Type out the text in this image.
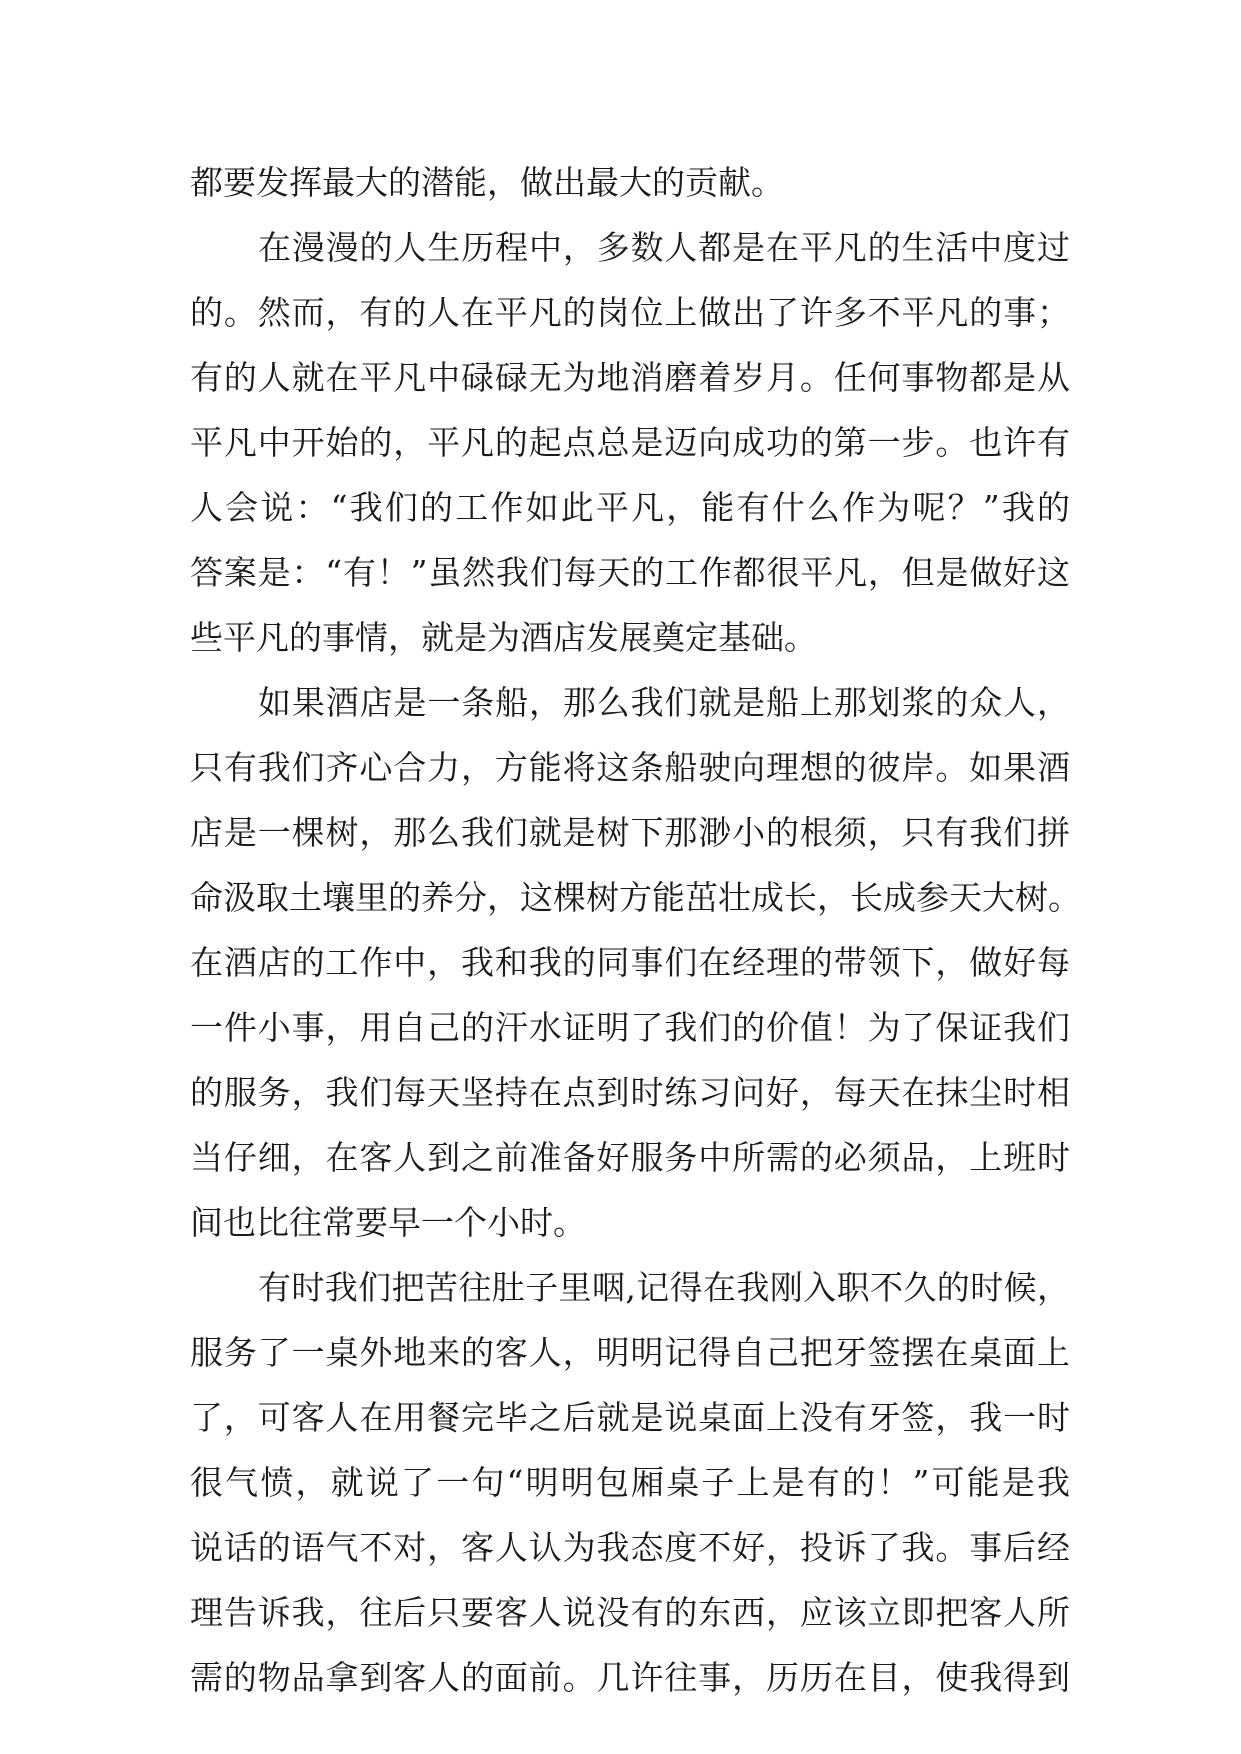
都要发挥最大的潜能，做出最大的贡献。
在漫漫的人生历程中，多数人都是在平凡的生活中度过
的。然而，有的人在平凡的岗位上做出了许多不平凡的事；
有的人就在平凡中碌碌无为地消磨着岁月。任何事物都是从
平凡中开始的，平凡的起点总是迈向成功的第一步。也许有
人会说：“我们的工作如此平凡，能有什么作为呢？”我的
答案是：“有！”虽然我们每天的工作都很平凡，但是做好这
些平凡的事情，就是为酒店发展奠定基础。
如果酒店是一条船，那么我们就是船上那划浆的众人，
只有我们齐心合力，方能将这条船驶向理想的彼岸。如果酒
店是一棵树，那么我们就是树下那渺小的根须，只有我们拼
命汲取土壤里的养分，这棵树方能茁壮成长，长成参天大树。
在酒店的工作中，我和我的同事们在经理的带领下，做好每
一件小事，用自己的汗水证明了我们的价值！为了保证我们
的服务，我们每天坚持在点到时练习问好，每天在抹尘时相
当仔细，在客人到之前准备好服务中所需的必须品，上班时
间也比往常要早一个小时。
有时我们把苦往肚子里咽,记得在我刚入职不久的时候，
服务了一桌外地来的客人，明明记得自己把牙签摆在桌面上
了，可客人在用餐完毕之后就是说桌面上没有牙签，我一时
很气愤，就说了一句“明明包厢桌子上是有的！”可能是我
说话的语气不对，客人认为我态度不好，投诉了我。事后经
理告诉我，往后只要客人说没有的东西，应该立即把客人所
需的物品拿到客人的面前。几许往事，历历在目，使我得到
